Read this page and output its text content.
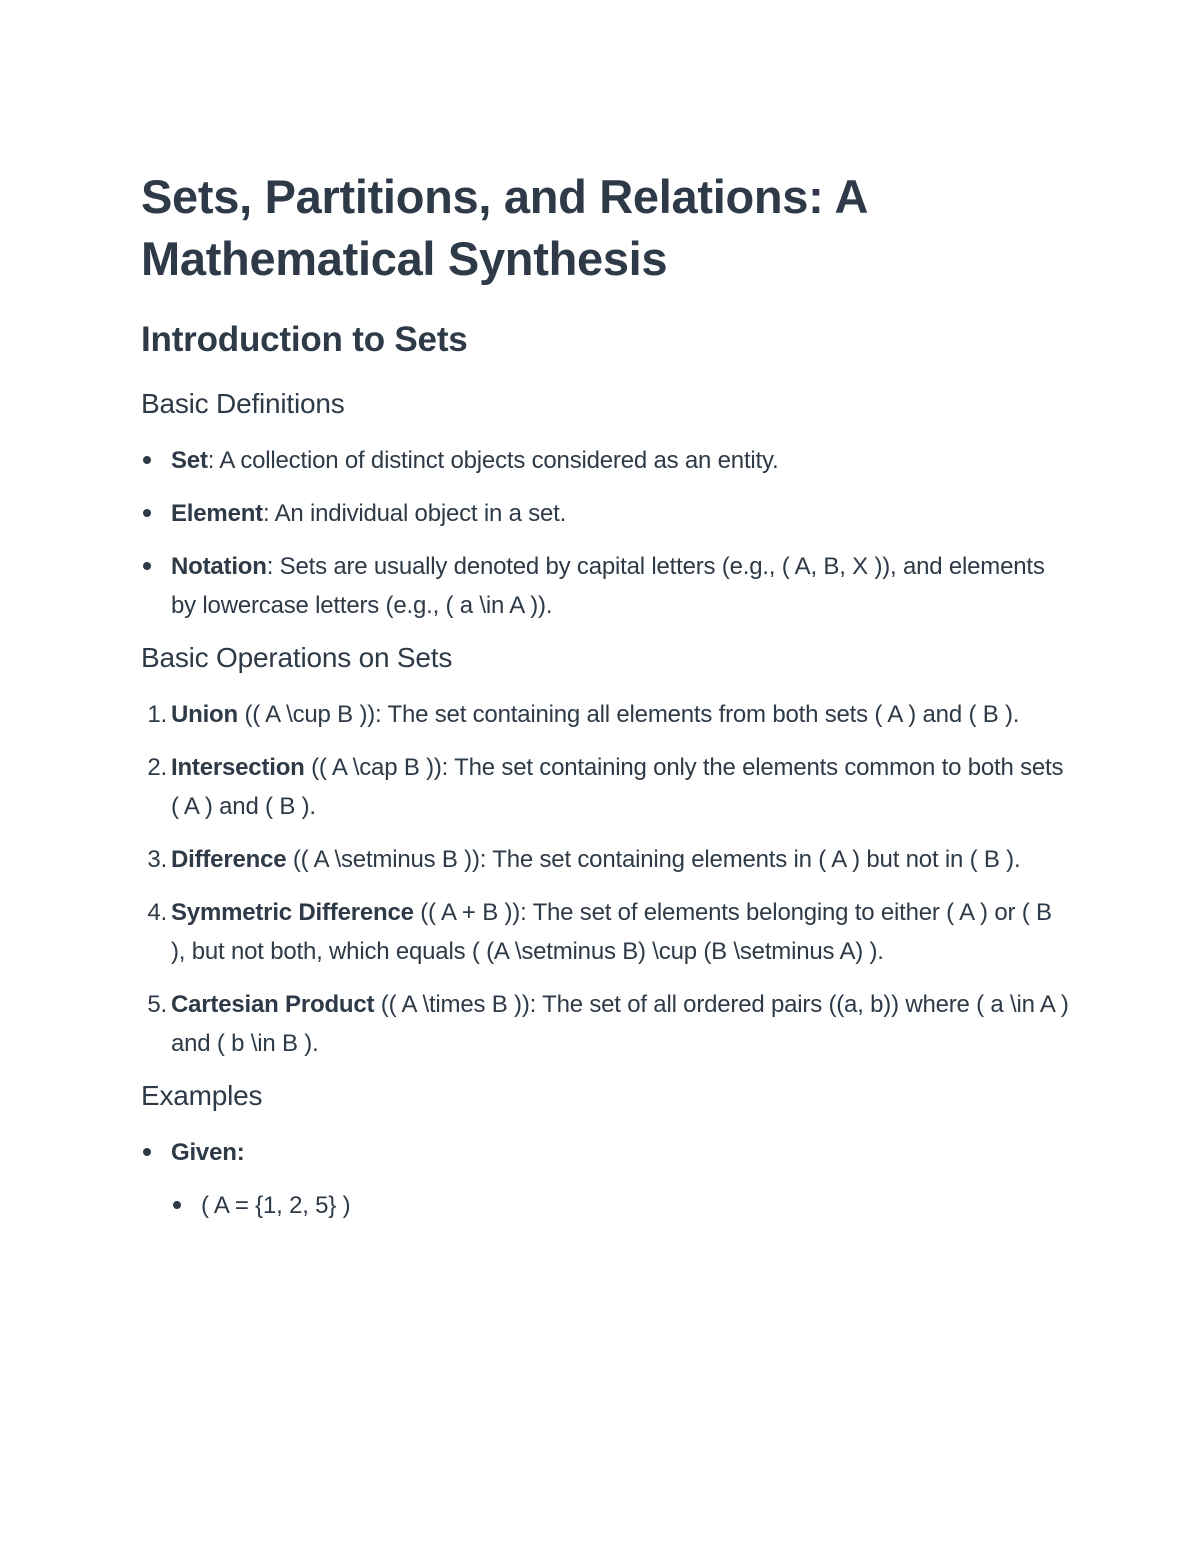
Sets, Partitions, and Relations: A Mathematical Synthesis
Introduction to Sets
Basic Definitions
Set: A collection of distinct objects considered as an entity.
Element: An individual object in a set.
Notation: Sets are usually denoted by capital letters (e.g., ( A, B, X )), and elements by lowercase letters (e.g., ( a \in A )).
Basic Operations on Sets
1. Union (( A \cup B )): The set containing all elements from both sets ( A ) and ( B ).
2. Intersection (( A \cap B )): The set containing only the elements common to both sets ( A ) and ( B ).
3. Difference (( A \setminus B )): The set containing elements in ( A ) but not in ( B ).
4. Symmetric Difference (( A + B )): The set of elements belonging to either ( A ) or ( B ), but not both, which equals ( (A \setminus B) \cup (B \setminus A) ).
5. Cartesian Product (( A \times B )): The set of all ordered pairs ((a, b)) where ( a \in A ) and ( b \in B ).
Examples
Given:
( A = {1, 2, 5} )
